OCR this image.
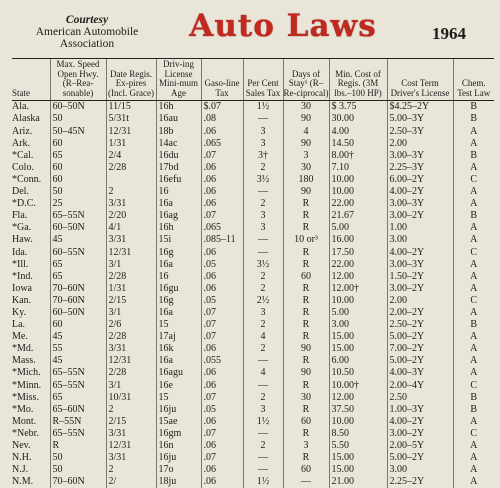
Courtesy
American Automobile
Association	Auto Laws	1964
State	Max. Speed Open Hwy. (R–Rea-sonable)	Date Regis. Ex-pires (Incl. Grace)	Driv-ing License Mini-mum Age	Gaso-line Tax	Per Cent Sales Tax	Days of Stay¹ (R–Re-ciprocal)	Min. Cost of Regis. (3M lbs.–100 HP)	Cost Term Driver's License	Chem. Test Law
Ala.	60–50N	11/15	16h	$.07	1½	30	$ 3.75	$4.25–2Y	B
Alaska	50	5/31t	16au	.08	—	90	30.00	5.00–3Y	B
Ariz.	50–45N	12/31	18b	.06	3	4	4.00	2.50–3Y	A
Ark.	60	1/31	14ac	.065	3	90	14.50	2.00	A
*Cal.	65	2/4	16du	.07	3†	3	8.00†	3.00–3Y	B
Colo.	60	2/28	17bd	.06	2	30	7.10	2.25–3Y	A
*Conn.	60		16efu	.06	3½	180	10.00	6.00–2Y	C
Del.	50	2	16	.06	—	90	10.00	4.00–2Y	A
*D.C.	25	3/31	16a	.06	2	R	22.00	3.00–3Y	A
Fla.	65–55N	2/20	16ag	.07	3	R	21.67	3.00–2Y	B
*Ga.	60–50N	4/1	16h	.065	3	R	5.00	1.00	A
Haw.	45	3/31	15i	.085–11	—	10 or³	16.00	3.00	A
Ida.	60–55N	12/31	16g	.06	—	R	17.50	4.00–2Y	C
*Ill.	65	3/1	16a	.05	3½	R	22.00	3.00–3Y	A
*Ind.	65	2/28	16	.06	2	60	12.00	1.50–2Y	A
Iowa	70–60N	1/31	16gu	.06	2	R	12.00†	3.00–2Y	A
Kan.	70–60N	2/15	16g	.05	2½	R	10.00	2.00	C
Ky.	60–50N	3/1	16a	.07	3	R	5.00	2.00–2Y	A
La.	60	2/6	15	.07	2	R	3.00	2.50–2Y	B
Me.	45	2/28	17aj	.07	4	R	15.00	5.00–2Y	A
*Md.	55	3/31	16k	.06	2	90	15.00	7.00–2Y	A
Mass.	45	12/31	16a	.055	—	R	6.00	5.00–2Y	A
*Mich.	65–55N	2/28	16agu	.06	4	90	10.50	4.00–3Y	A
*Minn.	65–55N	3/1	16e	.06	—	R	10.00†	2.00–4Y	C
*Miss.	65	10/31	15	.07	2	30	12.00	2.50	B
*Mo.	65–60N	2	16ju	.05	3	R	37.50	1.00–3Y	B
Mont.	R–55N	2/15	15ae	.06	1½	60	10.00	4.00–2Y	A
*Nebr.	65–55N	3/31	16gm	.07	—	R	8.50	3.00–2Y	C
Nev.	R	12/31	16n	.06	2	3	5.50	2.00–5Y	A
N.H.	50	3/31	16ju	.07	—	R	15.00	5.00–2Y	A
N.J.	50	2	17o	.06	—	60	15.00	3.00	A
N.M.	70–60N	2/	18ju	.06	1½	—	21.00	2.25–2Y	A
